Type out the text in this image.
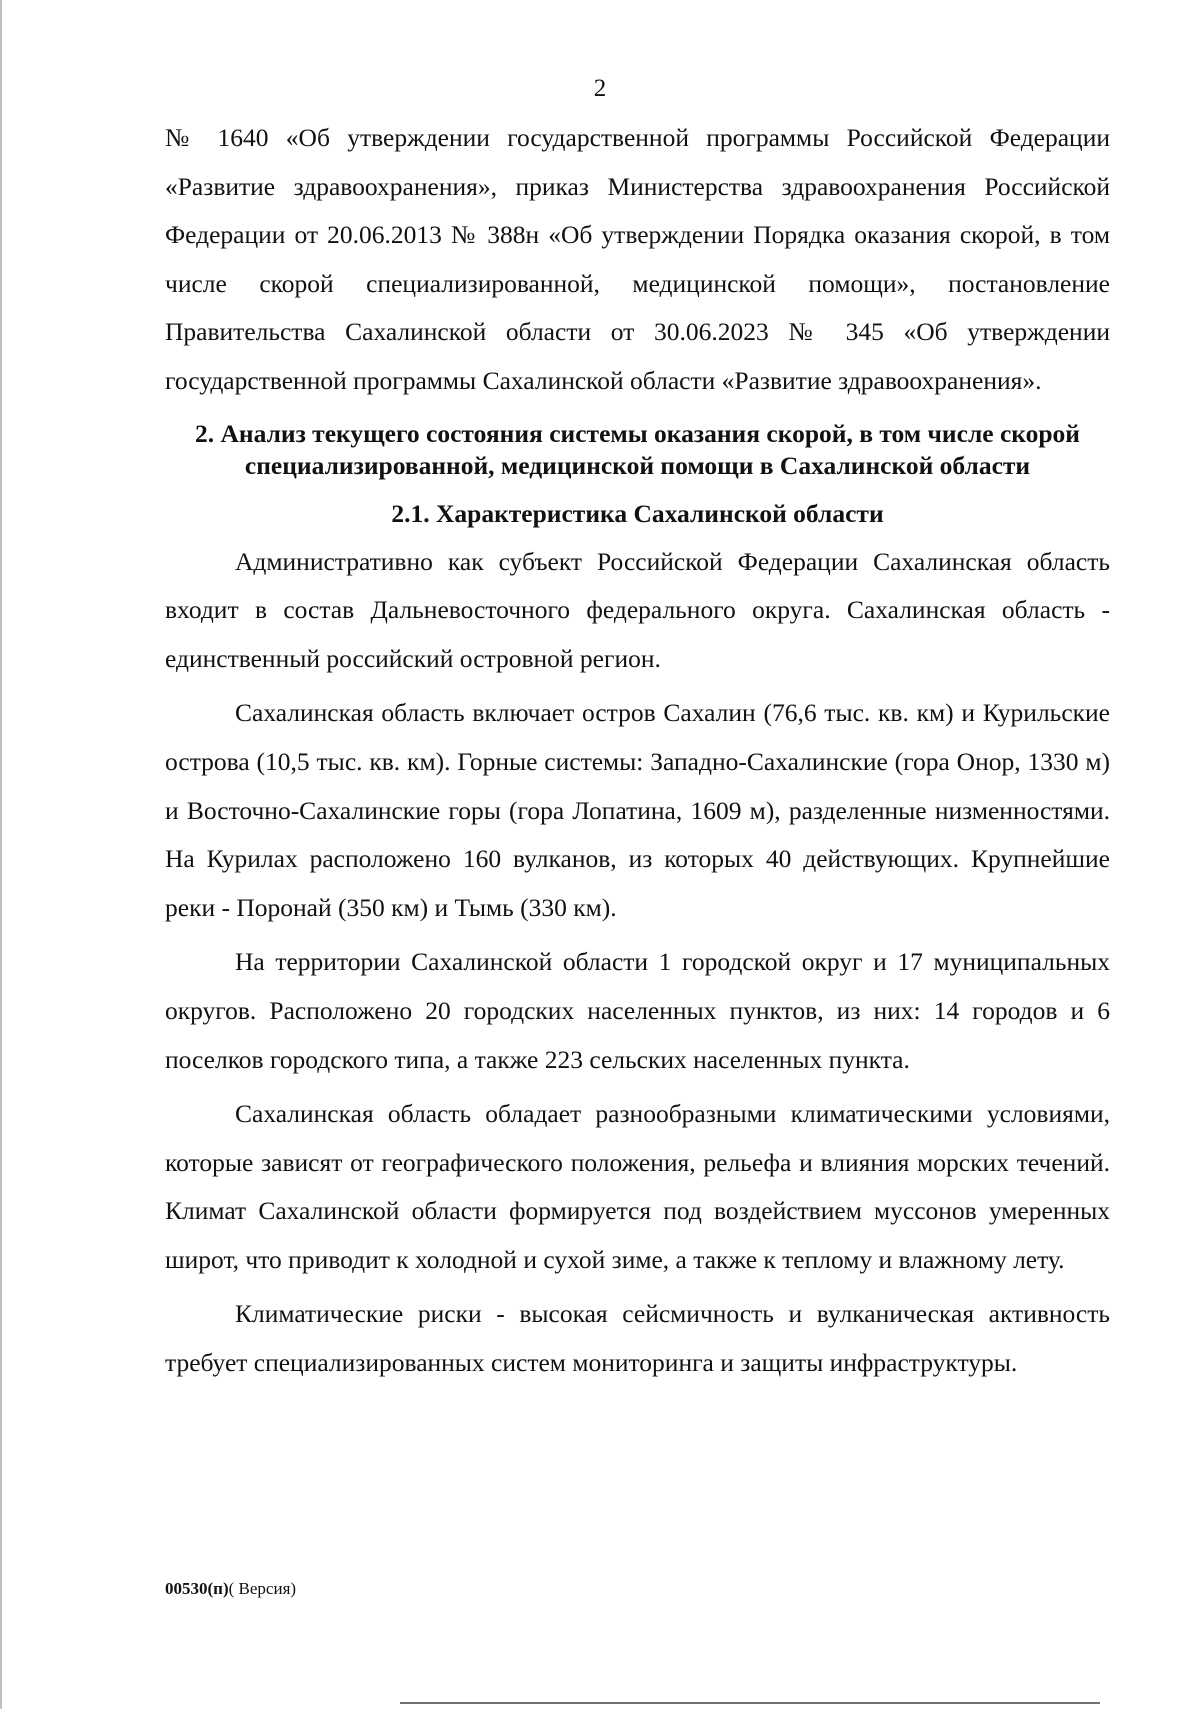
2

№ 1640 «Об утверждении государственной программы Российской Федерации «Развитие здравоохранения», приказ Министерства здравоохранения Российской Федерации от 20.06.2013 № 388н «Об утверждении Порядка оказания скорой, в том числе скорой специализированной, медицинской помощи», постановление Правительства Сахалинской области от 30.06.2023 № 345 «Об утверждении государственной программы Сахалинской области «Развитие здравоохранения».

2. Анализ текущего состояния системы оказания скорой, в том числе скорой специализированной, медицинской помощи в Сахалинской области
2.1. Характеристика Сахалинской области

Административно как субъект Российской Федерации Сахалинская область входит в состав Дальневосточного федерального округа. Сахалинская область - единственный российский островной регион.

Сахалинская область включает остров Сахалин (76,6 тыс. кв. км) и Курильские острова (10,5 тыс. кв. км). Горные системы: Западно-Сахалинские (гора Онор, 1330 м) и Восточно-Сахалинские горы (гора Лопатина, 1609 м), разделенные низменностями. На Курилах расположено 160 вулканов, из которых 40 действующих. Крупнейшие реки - Поронай (350 км) и Тымь (330 км).

На территории Сахалинской области 1 городской округ и 17 муниципальных округов. Расположено 20 городских населенных пунктов, из них: 14 городов и 6 поселков городского типа, а также 223 сельских населенных пункта.

Сахалинская область обладает разнообразными климатическими условиями, которые зависят от географического положения, рельефа и влияния морских течений. Климат Сахалинской области формируется под воздействием муссонов умеренных широт, что приводит к холодной и сухой зиме, а также к теплому и влажному лету.

Климатические риски - высокая сейсмичность и вулканическая активность требует специализированных систем мониторинга и защиты инфраструктуры.

00530(п)( Версия)
